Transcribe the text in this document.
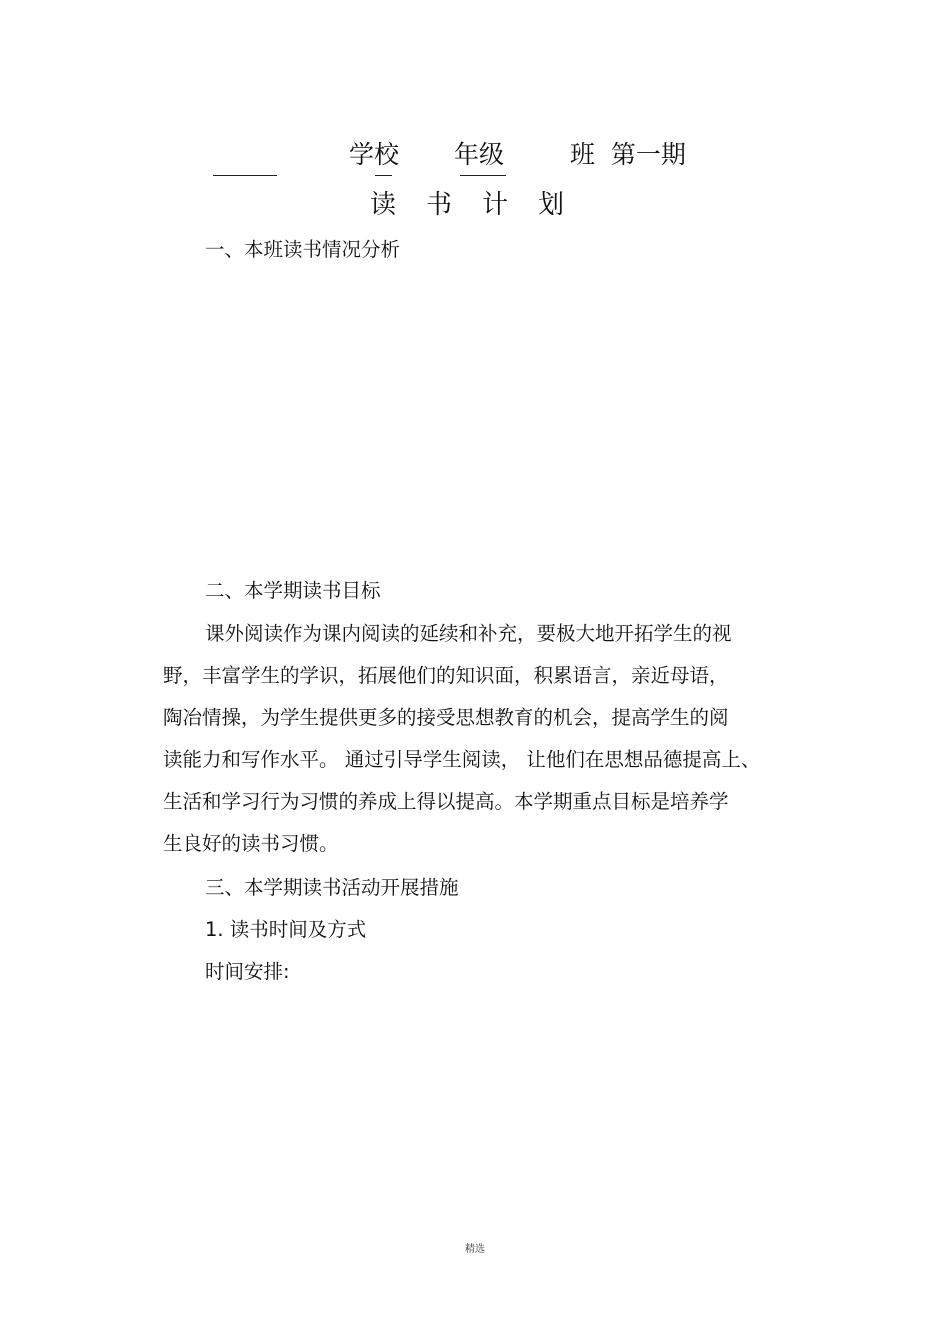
学校 年级	班  第一期
读书计划
一、本班读书情况分析
二、本学期读书目标
课外阅读作为课内阅读的延续和补充，要极大地开拓学生的视
野，丰富学生的学识，拓展他们的知识面，积累语言，亲近母语，
陶冶情操，为学生提供更多的接受思想教育的机会，提高学生的阅
读能力和写作水平。 通过引导学生阅读， 让他们在思想品德提高上、
生活和学习行为习惯的养成上得以提高。本学期重点目标是培养学
生良好的读书习惯。
三、本学期读书活动开展措施
1. 读书时间及方式
时间安排:
精选
